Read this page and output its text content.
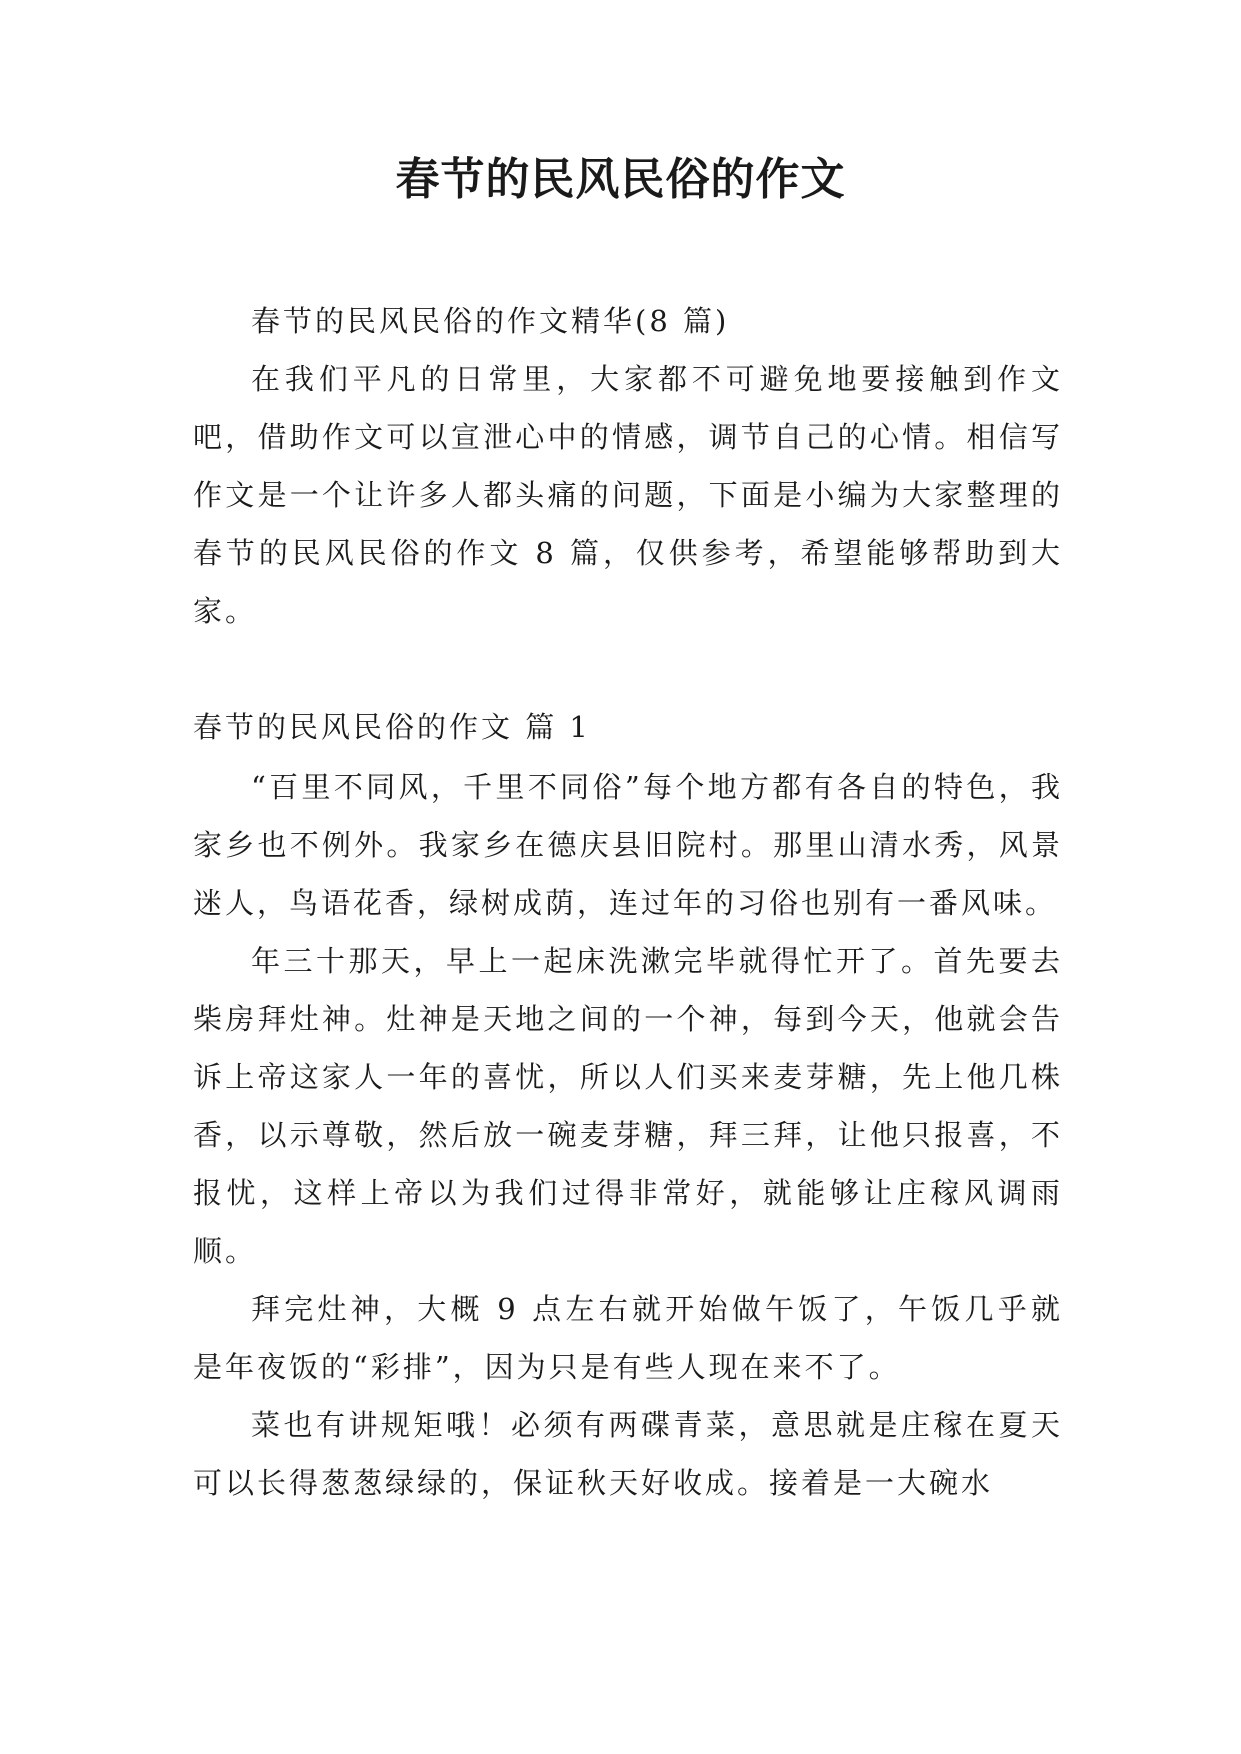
春节的民风民俗的作文

春节的民风民俗的作文精华(8 篇)

在我们平凡的日常里，大家都不可避免地要接触到作文吧，借助作文可以宣泄心中的情感，调节自己的心情。相信写作文是一个让许多人都头痛的问题，下面是小编为大家整理的春节的民风民俗的作文 8 篇，仅供参考，希望能够帮助到大家。

春节的民风民俗的作文 篇 1

“百里不同风，千里不同俗”每个地方都有各自的特色，我家乡也不例外。我家乡在德庆县旧院村。那里山清水秀，风景迷人，鸟语花香，绿树成荫，连过年的习俗也别有一番风味。

年三十那天，早上一起床洗漱完毕就得忙开了。首先要去柴房拜灶神。灶神是天地之间的一个神，每到今天，他就会告诉上帝这家人一年的喜忧，所以人们买来麦芽糖，先上他几株香，以示尊敬，然后放一碗麦芽糖，拜三拜，让他只报喜，不报忧，这样上帝以为我们过得非常好，就能够让庄稼风调雨顺。

拜完灶神，大概 9 点左右就开始做午饭了，午饭几乎就是年夜饭的“彩排”，因为只是有些人现在来不了。

菜也有讲规矩哦！必须有两碟青菜，意思就是庄稼在夏天可以长得葱葱绿绿的，保证秋天好收成。接着是一大碗水
